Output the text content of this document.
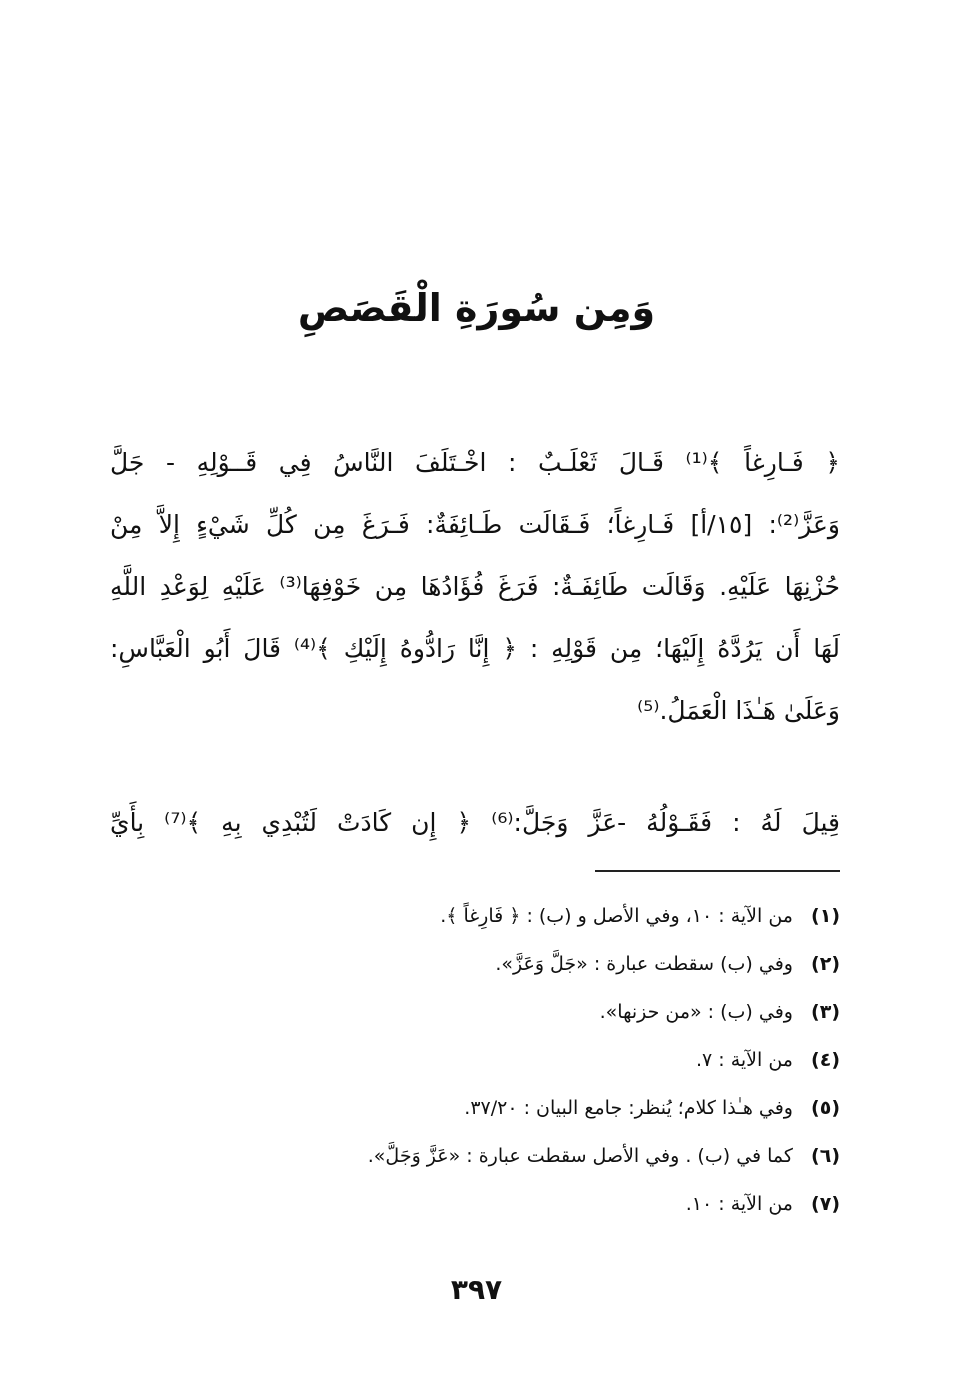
وَمِن سُورَةِ الْقَصَصِ
﴿ فَـارِغاً ﴾⁽¹⁾ قَـالَ ثَعْلَـبٌ : اخْـتَلَفَ النَّاسُ فِي قَــوْلِهِ - جَلَّ
وَعَزَّ⁽²⁾: [١٥/أ] فَـارِغاً؛ فَـقَالَت طَـائِفَةٌ: فَـرَغَ مِن كُلِّ شَيْءٍ إِلاَّ مِنْ
حُزْنِهَا عَلَيْهِ. وَقَالَت طَائِفَـةٌ: فَرَغَ فُؤَادُهَا مِن خَوْفِهَا⁽³⁾ عَلَيْهِ لِوَعْدِ اللَّهِ
لَهَا أَن يَرُدَّهُ إِلَيْهَا؛ مِن قَوْلِهِ : ﴿ إِنَّا رَادُّوهُ إِلَيْكِ ﴾⁽⁴⁾ قَالَ أَبُو الْعَبَّاسِ:
وَعَلَىٰ هَـٰذَا الْعَمَلُ.⁽⁵⁾
قِيلَ لَهُ : فَقَـوْلُهُ -عَزَّ وَجَلَّ:⁽⁶⁾ ﴿ إِن كَادَتْ لَتُبْدِي بِهِ ﴾⁽⁷⁾ بِأَيِّ
(١) من الآية : ١٠، وفي الأصل و (ب) : ﴿ فَارِغاً ﴾.
(٢) وفي (ب) سقطت عبارة : «جَلَّ وَعَزَّ».
(٣) وفي (ب) : «من حزنها».
(٤) من الآية : ٧.
(٥) وفي هـٰذا كلام؛ يُنظر: جامع البيان : ٣٧/٢٠.
(٦) كما في (ب) . وفي الأصل سقطت عبارة : «عَزَّ وَجَلَّ».
(٧) من الآية : ١٠.
٣٩٧
